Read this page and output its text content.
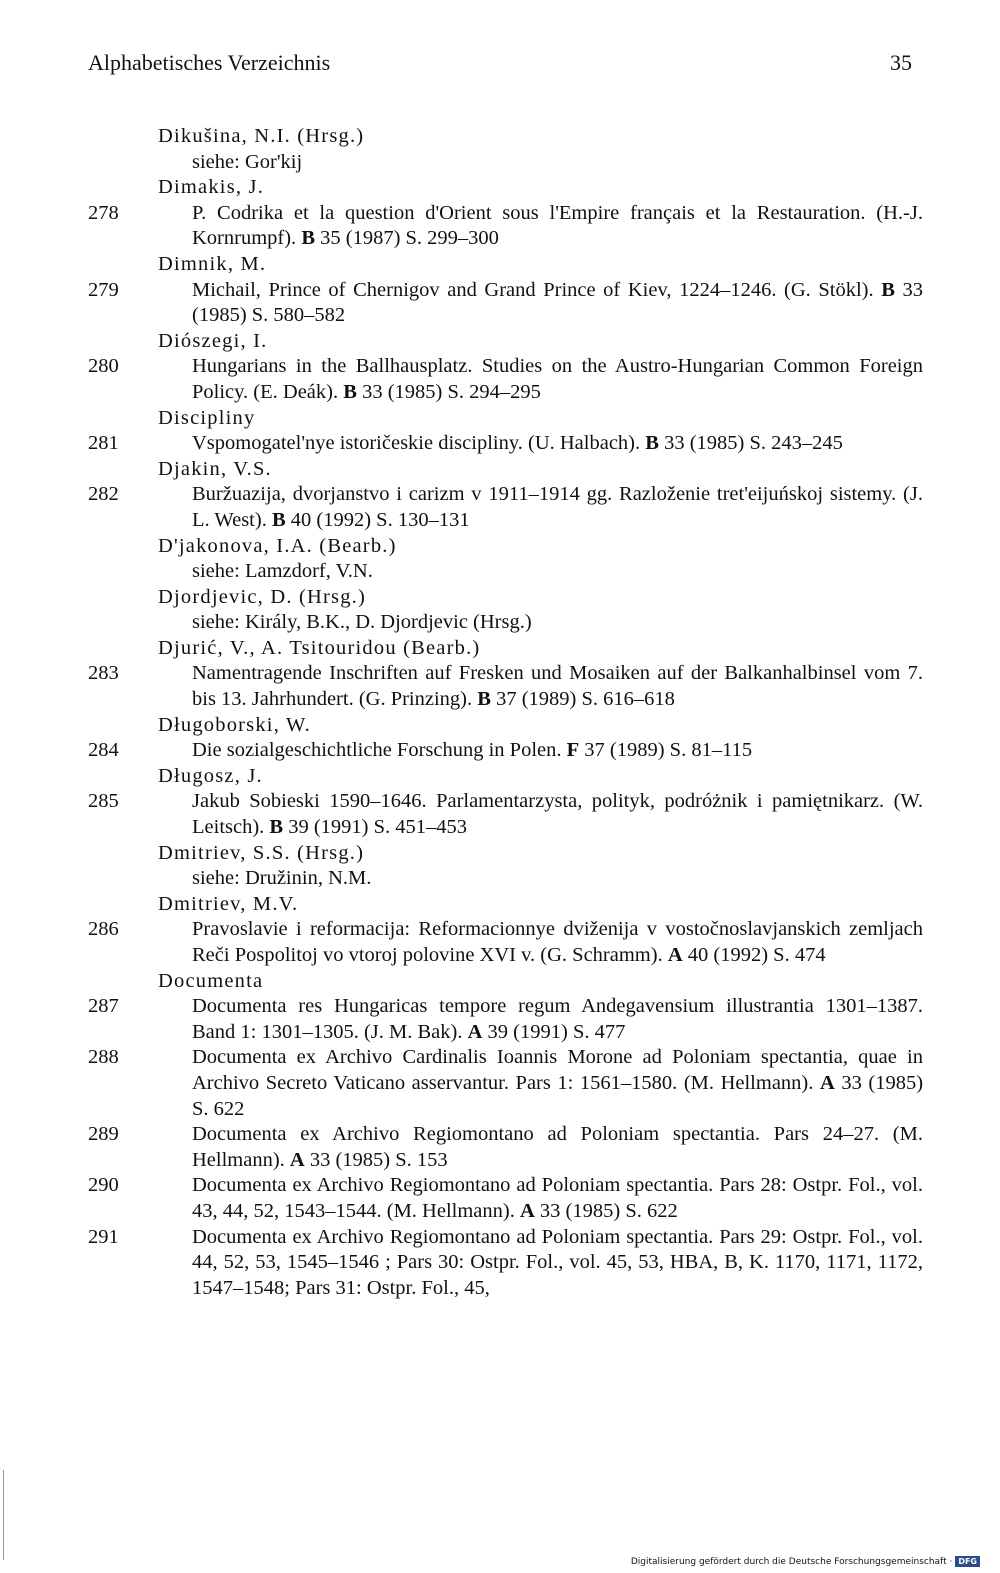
Alphabetisches Verzeichnis	35
Dikušina, N.I. (Hrsg.)
siehe: Gor'kij
Dimakis, J.
278	P. Codrika et la question d'Orient sous l'Empire français et la Restauration. (H.-J. Kornrumpf). B 35 (1987) S. 299–300
Dimnik, M.
279	Michail, Prince of Chernigov and Grand Prince of Kiev, 1224–1246. (G. Stökl). B 33 (1985) S. 580–582
Diószegi, I.
280	Hungarians in the Ballhausplatz. Studies on the Austro-Hungarian Common Foreign Policy. (E. Deák). B 33 (1985) S. 294–295
Discipliny
281	Vspomogatel'nye istoričeskie discipliny. (U. Halbach). B 33 (1985) S. 243–245
Djakin, V.S.
282	Buržuazija, dvorjanstvo i carizm v 1911–1914 gg. Razloženie tret'eijuńskoj sistemy. (J. L. West). B 40 (1992) S. 130–131
D'jakonova, I.A. (Bearb.)
siehe: Lamzdorf, V.N.
Djordjevic, D. (Hrsg.)
siehe: Király, B.K., D. Djordjevic (Hrsg.)
Djurić, V., A. Tsitouridou (Bearb.)
283	Namentragende Inschriften auf Fresken und Mosaiken auf der Balkanhalbinsel vom 7. bis 13. Jahrhundert. (G. Prinzing). B 37 (1989) S. 616–618
Długoborski, W.
284	Die sozialgeschichtliche Forschung in Polen. F 37 (1989) S. 81–115
Długosz, J.
285	Jakub Sobieski 1590–1646. Parlamentarzysta, polityk, podróżnik i pamiętnikarz. (W. Leitsch). B 39 (1991) S. 451–453
Dmitriev, S.S. (Hrsg.)
siehe: Družinin, N.M.
Dmitriev, M.V.
286	Pravoslavie i reformacija: Reformacionnye dviženija v vostočnoslavjanskich zemljach Reči Pospolitoj vo vtoroj polovine XVI v. (G. Schramm). A 40 (1992) S. 474
Documenta
287	Documenta res Hungaricas tempore regum Andegavensium illustrantia 1301–1387. Band 1: 1301–1305. (J. M. Bak). A 39 (1991) S. 477
288	Documenta ex Archivo Cardinalis Ioannis Morone ad Poloniam spectantia, quae in Archivo Secreto Vaticano asservantur. Pars 1: 1561–1580. (M. Hellmann). A 33 (1985) S. 622
289	Documenta ex Archivo Regiomontano ad Poloniam spectantia. Pars 24–27. (M. Hellmann). A 33 (1985) S. 153
290	Documenta ex Archivo Regiomontano ad Poloniam spectantia. Pars 28: Ostpr. Fol., vol. 43, 44, 52, 1543–1544. (M. Hellmann). A 33 (1985) S. 622
291	Documenta ex Archivo Regiomontano ad Poloniam spectantia. Pars 29: Ostpr. Fol., vol. 44, 52, 53, 1545–1546 ; Pars 30: Ostpr. Fol., vol. 45, 53, HBA, B, K. 1170, 1171, 1172, 1547–1548; Pars 31: Ostpr. Fol., 45,
Digitalisierung gefördert durch die Deutsche Forschungsgemeinschaft · DFG
